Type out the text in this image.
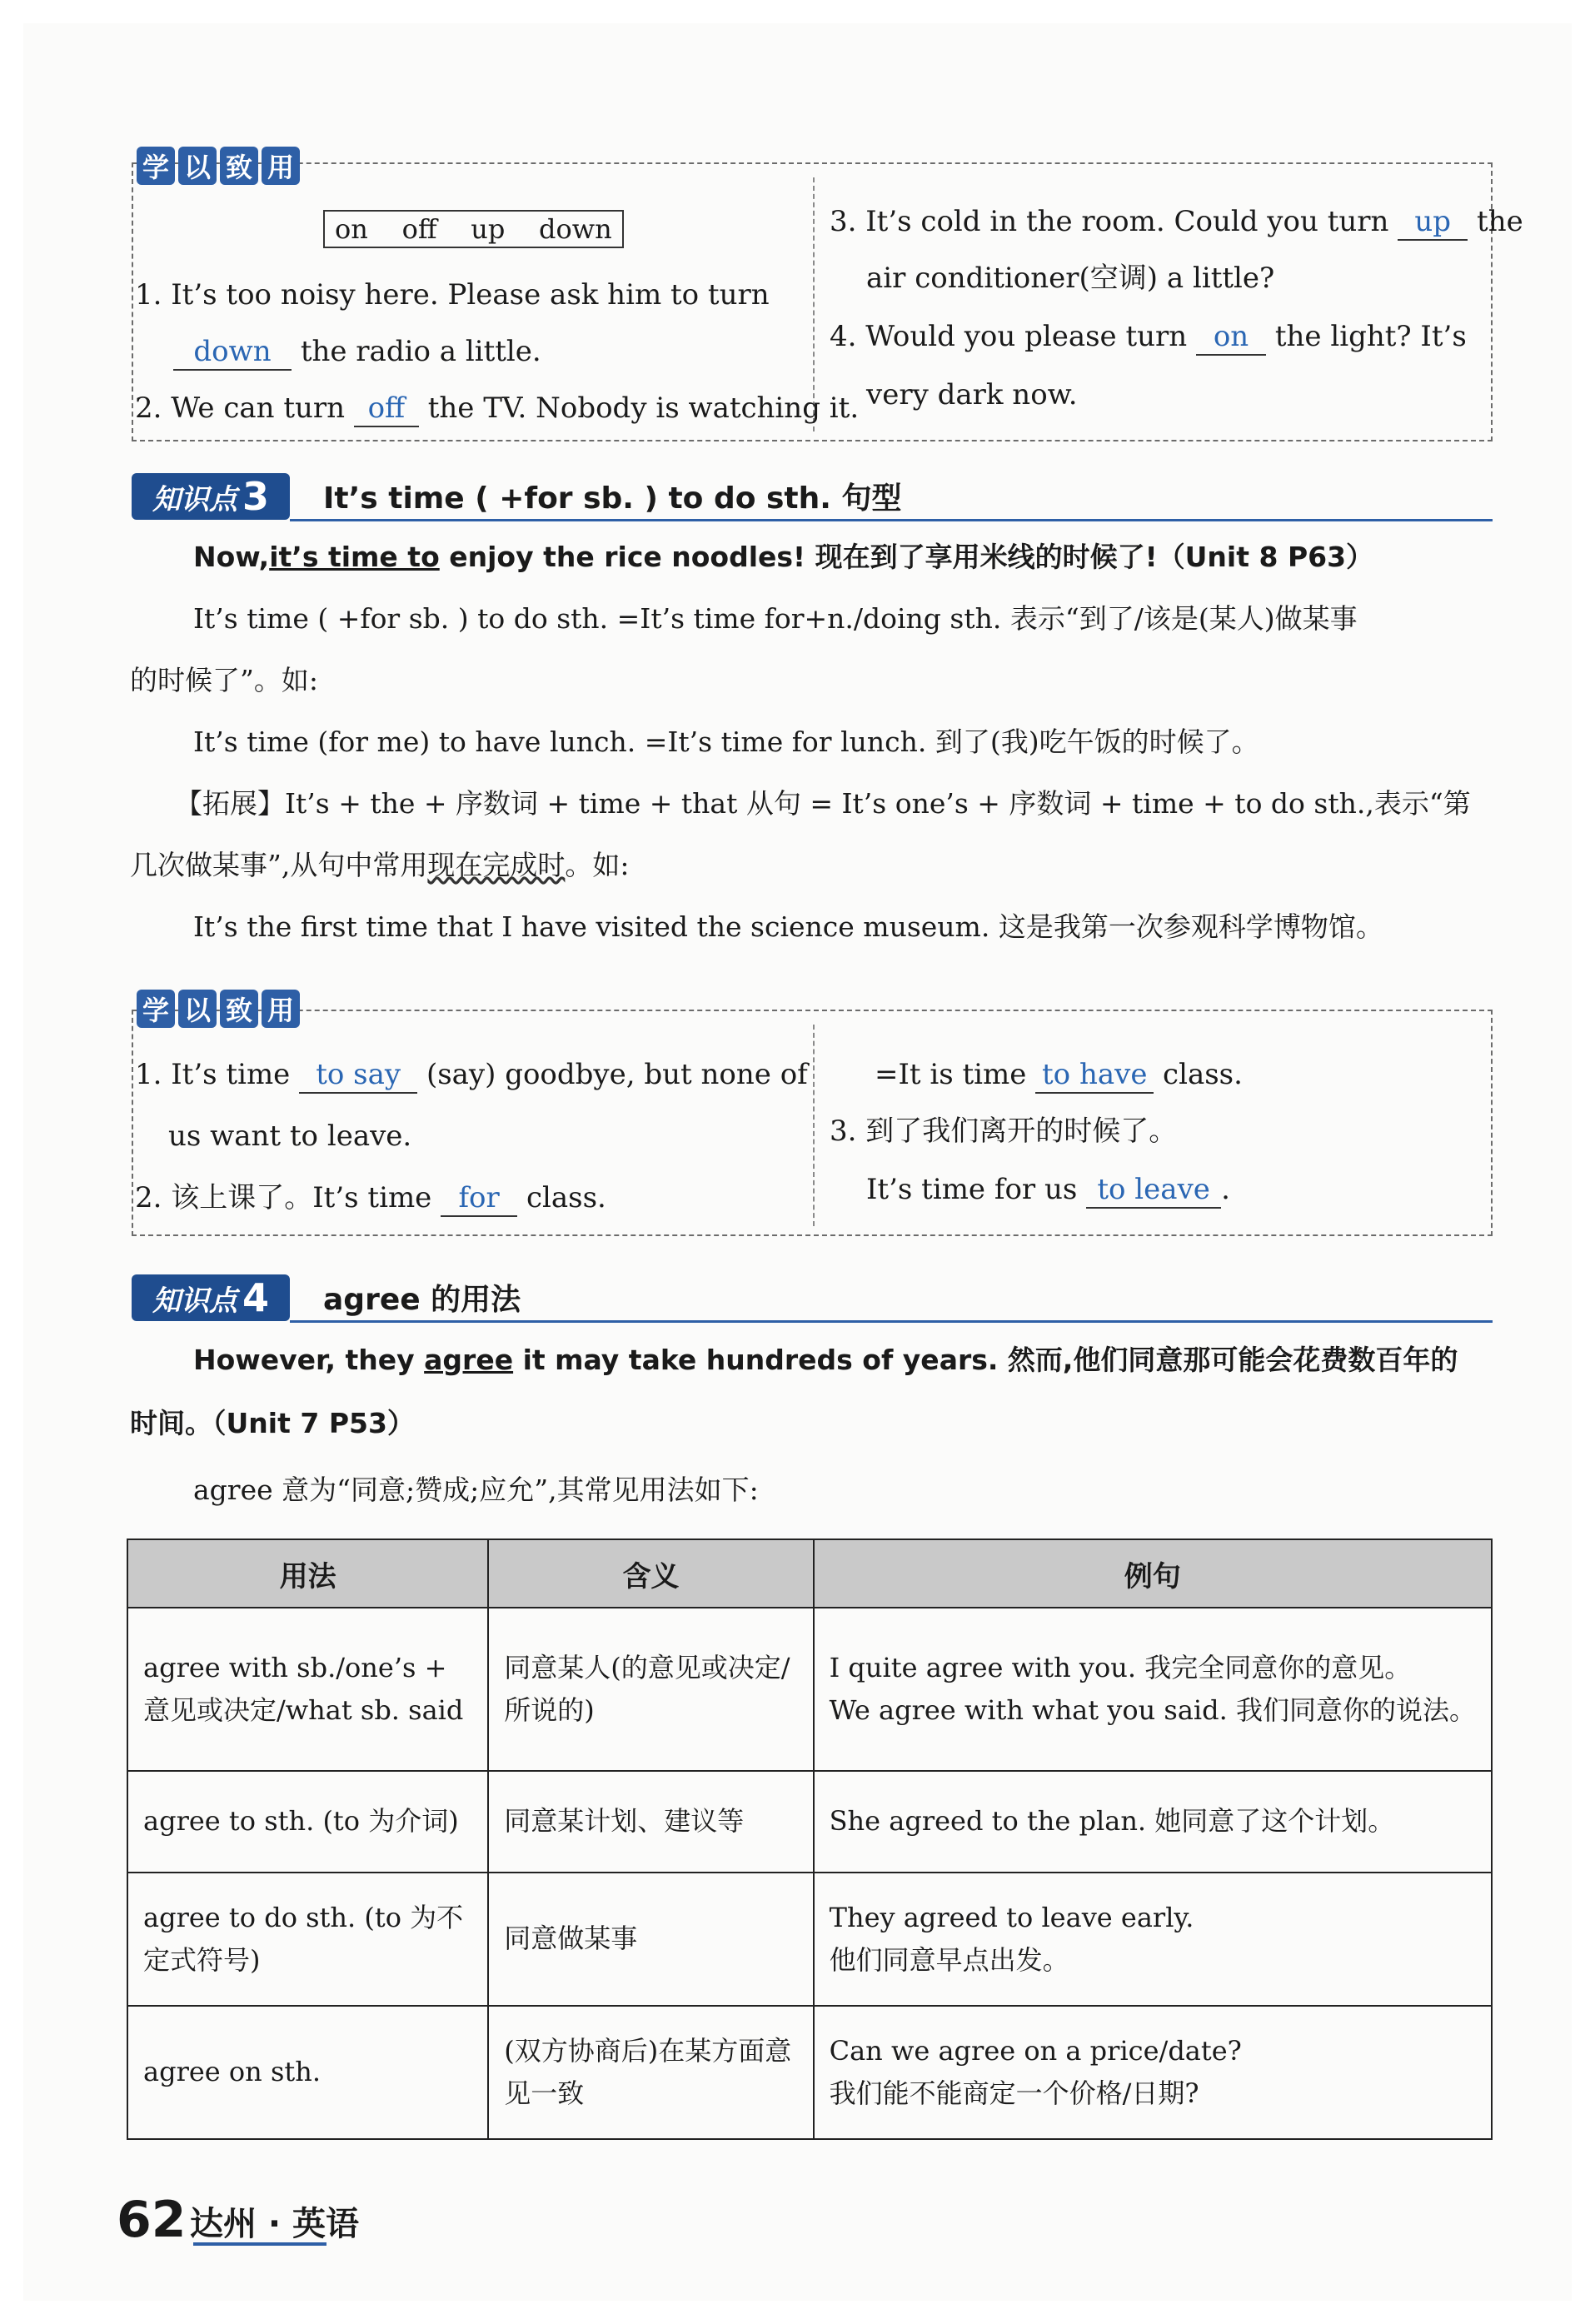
学 以 致 用
on off up down
1. It’s too noisy here. Please ask him to turn
down the radio a little.
2. We can turn off the TV. Nobody is watching it.
3. It’s cold in the room. Could you turn up the
air conditioner(空调) a little?
4. Would you please turn on the light? It’s
very dark now.
知识点 3 It’s time ( +for sb. ) to do sth. 句型
Now,it’s time to enjoy the rice noodles! 现在到了享用米线的时候了!（Unit 8 P63）
It’s time ( +for sb. ) to do sth. =It’s time for+n./doing sth. 表示“到了/该是(某人)做某事
的时候了”。如:
It’s time (for me) to have lunch. =It’s time for lunch. 到了(我)吃午饭的时候了。
【拓展】It’s + the + 序数词 + time + that 从句 = It’s one’s + 序数词 + time + to do sth.,表示“第
几次做某事”,从句中常用现在完成时。如:
It’s the first time that I have visited the science museum. 这是我第一次参观科学博物馆。
学 以 致 用
1. It’s time to say (say) goodbye, but none of
us want to leave.
2. 该上课了。It’s time for class.
=It is time to have class.
3. 到了我们离开的时候了。
It’s time for us to leave .
知识点 4 agree 的用法
However, they agree it may take hundreds of years. 然而,他们同意那可能会花费数百年的
时间。（Unit 7 P53）
agree 意为“同意;赞成;应允”,其常见用法如下:
用法	含义	例句
agree with sb./one’s + 意见或决定/what sb. said	同意某人(的意见或决定/所说的)	I quite agree with you. 我完全同意你的意见。
We agree with what you said. 我们同意你的说法。

agree to sth. (to 为介词)	同意某计划、建议等	She agreed to the plan. 她同意了这个计划。

agree to do sth. (to 为不定式符号)	同意做某事	They agreed to leave early.
他们同意早点出发。

agree on sth.	(双方协商后)在某方面意见一致	Can we agree on a price/date?
我们能不能商定一个价格/日期?
62 达州 · 英语
